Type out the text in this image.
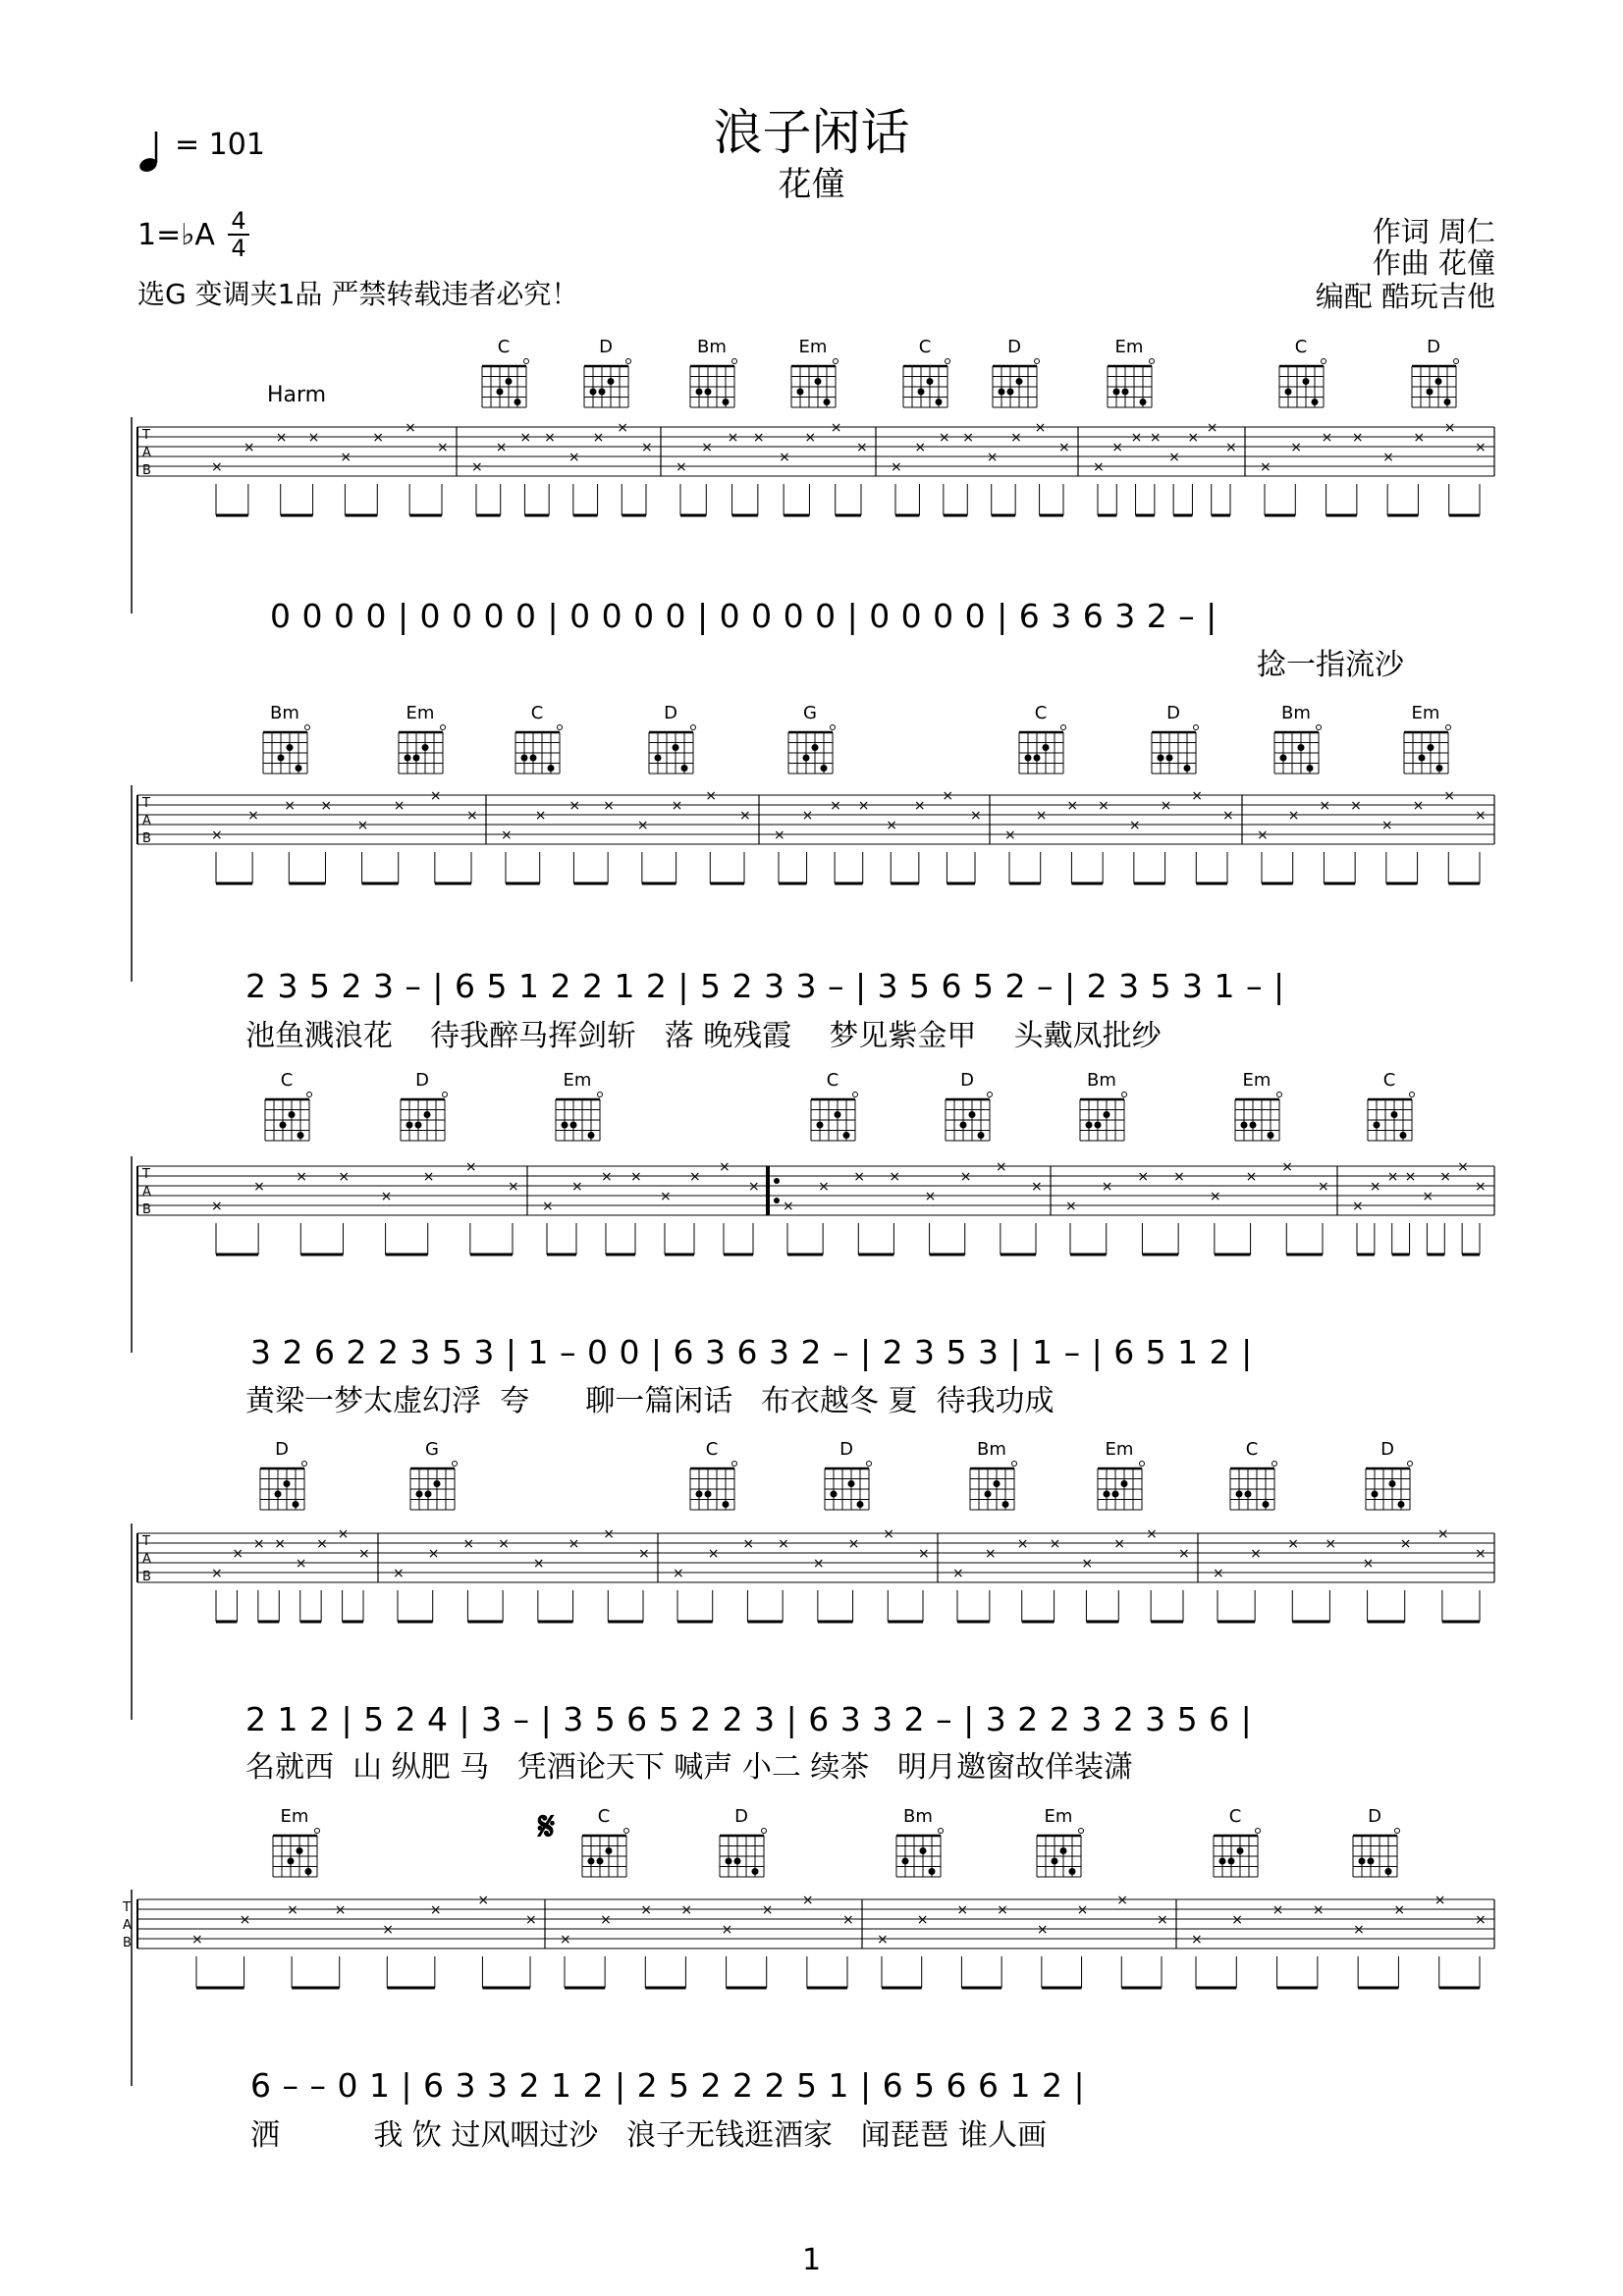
= 101	浪子闲话
花僮
1=♭A 4
4
选G 变调夹1品 严禁转载违者必究！
作词 周仁
作曲 花僮
编配 酷玩吉他
Harm
T
A
B	×
×
× ×
×
×
×
×
×
×
× ×
×
×
×
×
×
×
× ×
×
×
×
×
×
×
× ×
×
×
×
×
×
×
× ×
×
×
×
×
×
×
× ×
×
×
×
×
0 0 0 0 | 0 0 0 0 | 0 0 0 0 | 0 0 0 0 | 0 0 0 0 | 6 3 6 3 2 – |
捻一指流沙
T
A
B	×
×
× ×
×
×
×
×
×
×
× ×
×
×
×
×
×
×
× ×
×
×
×
×
×
×
× ×
×
×
×
×
×
×
× ×
×
×
×
×
2 3 5 2 3 – | 6 5 1 2 2 1 2 | 5 2 3 3 – | 3 5 6 5 2 – | 2 3 5 3 1 – |
池鱼溅浪花    待我醉马挥剑斩   落 晚残霞    梦见紫金甲    头戴凤批纱
T
A
B	×
×
× ×
×
×
×
×
×
×
× ×
×
×
×
×
×
×
× ×
×
×
×
×
×
×
× ×
×
×
×
×
×
×
× ×
×
×
×
×
3 2 6 2 2 3 5 3 | 1 – 0 0 | 6 3 6 3 2 – | 2 3 5 3 | 1 – | 6 5 1 2 |
黄梁一梦太虚幻浮  夸      聊一篇闲话   布衣越冬 夏  待我功成
T
A
B	×
×
× ×
×
×
×
×
×
×
× ×
×
×
×
×
×
×
× ×
×
×
×
×
×
×
× ×
×
×
×
×
×
×
× ×
×
×
×
×
2 1 2 | 5 2 4 | 3 – | 3 5 6 5 2 2 3 | 6 3 3 2 – | 3 2 2 3 2 3 5 6 |
名就西  山 纵肥 马   凭酒论天下 喊声 小二 续茶   明月邀窗故佯装潇
T
A
B	×
×
×	×
×
×
×
×
×
×
× ×
×
×
×
×
×
×
× ×
×
×
×
×
×
×
× ×
×
×
×
×
𝄋
6 – – 0 1 | 6 3 3 2 1 2 | 2 5 2 2 2 5 1 | 6 5 6 6 1 2 |
洒          我 饮 过风咽过沙   浪子无钱逛酒家   闻琵琶 谁人画
1
C	D	Bm	Em	C	D	Em	C	D
Bm	Em	C	D	G	C	D	Bm	Em
C	D	Em	C	D	Bm	Em	C
D	G	C	D	Bm	Em	C	D
Em	C	D	Bm	Em	C	D
